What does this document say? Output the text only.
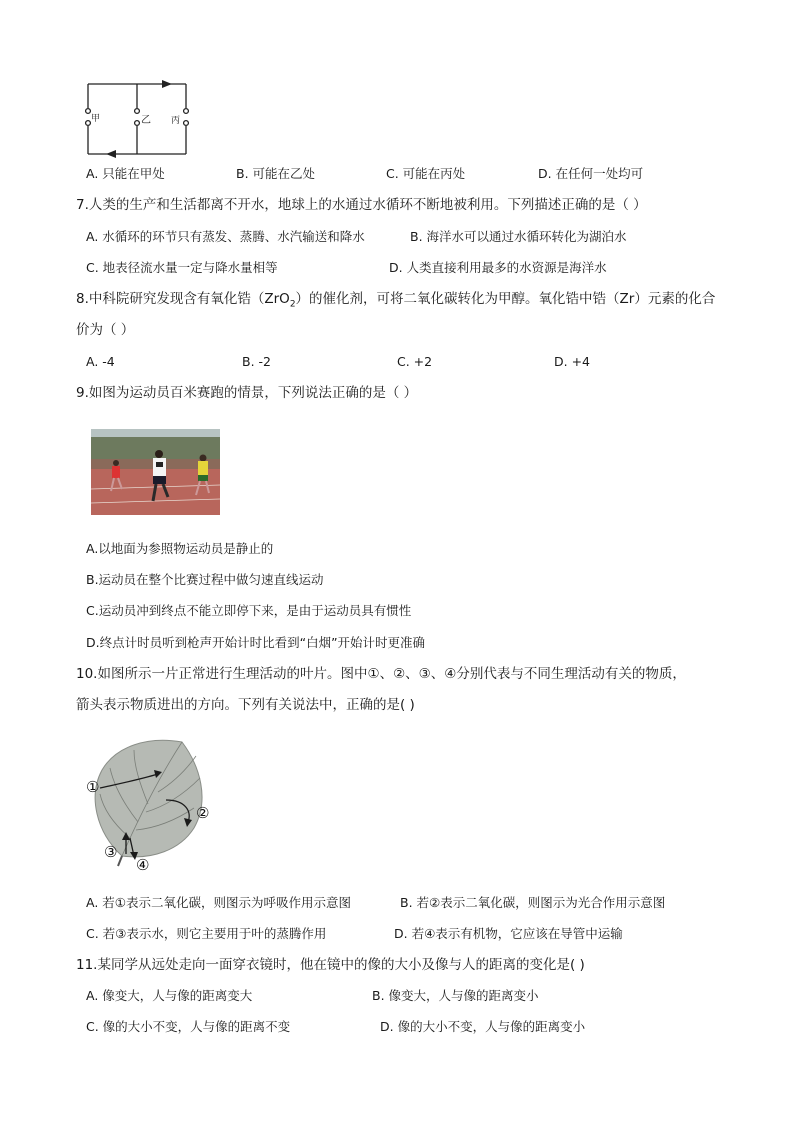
甲	乙 丙
A. 只能在甲处	B. 可能在乙处	C. 可能在丙处	D. 在任何一处均可
7.人类的生产和生活都离不开水，地球上的水通过水循环不断地被利用。下列描述正确的是（ ）
A. 水循环的环节只有蒸发、蒸腾、水汽输送和降水	B. 海洋水可以通过水循环转化为湖泊水
C. 地表径流水量一定与降水量相等	D. 人类直接利用最多的水资源是海洋水
8.中科院研究发现含有氧化锆（ZrO$_2$）的催化剂，可将二氧化碳转化为甲醇。氧化锆中锆（Zr）元素的化合
价为（ ）
A. -4	B. -2	C. +2	D. +4
9.如图为运动员百米赛跑的情景，下列说法正确的是（ ）
A.以地面为参照物运动员是静止的
B.运动员在整个比赛过程中做匀速直线运动
C.运动员冲到终点不能立即停下来，是由于运动员具有惯性
D.终点计时员听到枪声开始计时比看到“白烟”开始计时更准确
10.如图所示一片正常进行生理活动的叶片。图中①、②、③、④分别代表与不同生理活动有关的物质，
箭头表示物质进出的方向。下列有关说法中，正确的是( )
①
②
③
④
A. 若①表示二氧化碳，则图示为呼吸作用示意图	B. 若②表示二氧化碳，则图示为光合作用示意图
C. 若③表示水，则它主要用于叶的蒸腾作用	D. 若④表示有机物，它应该在导管中运输
11.某同学从远处走向一面穿衣镜时，他在镜中的像的大小及像与人的距离的变化是( )
A. 像变大，人与像的距离变大	B. 像变大，人与像的距离变小
C. 像的大小不变，人与像的距离不变	D. 像的大小不变，人与像的距离变小
